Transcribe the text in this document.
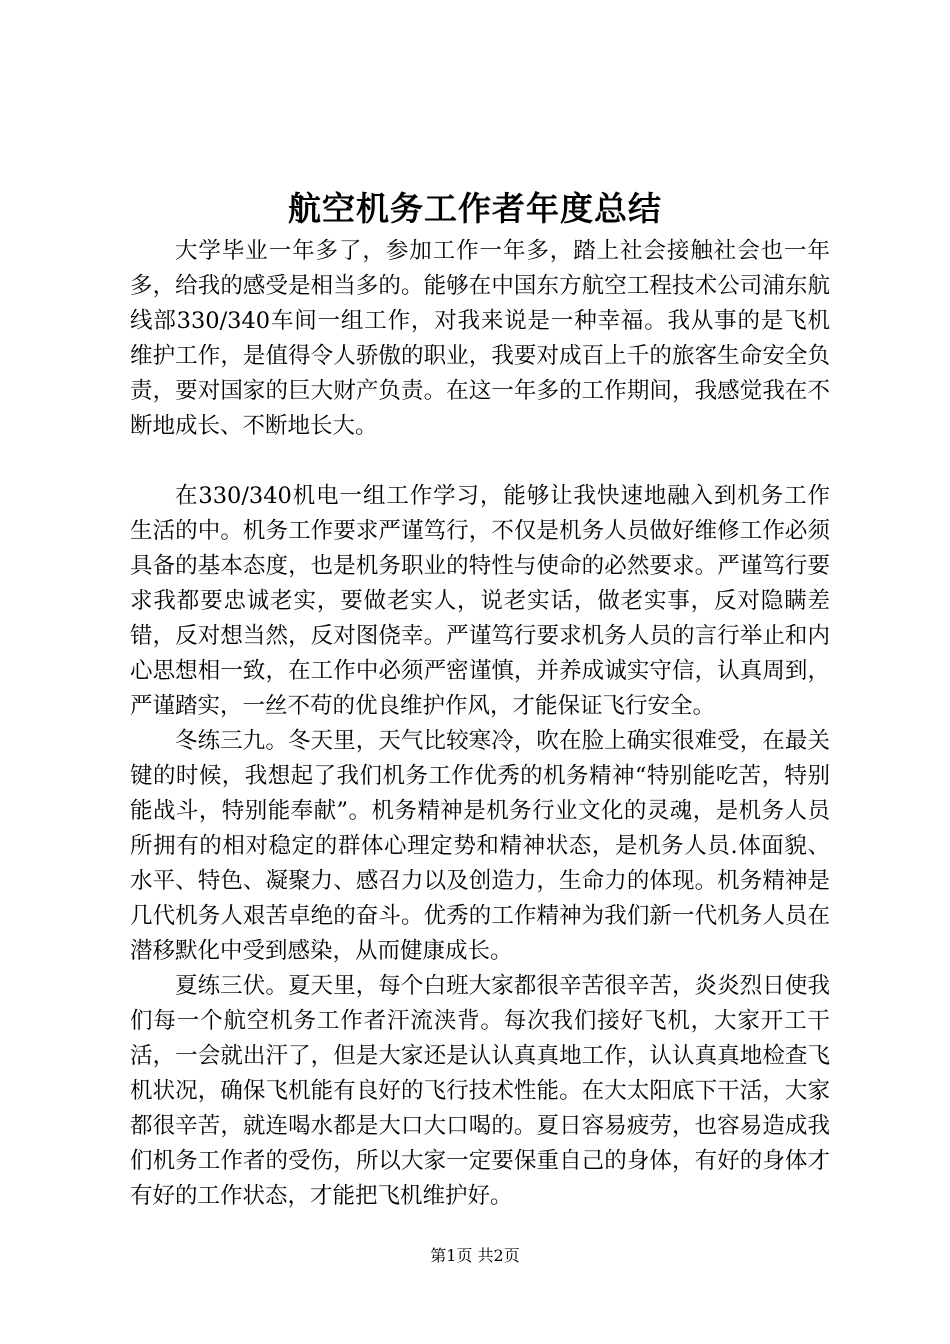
航空机务工作者年度总结

大学毕业一年多了，参加工作一年多，踏上社会接触社会也一年多，给我的感受是相当多的。能够在中国东方航空工程技术公司浦东航线部330/340车间一组工作，对我来说是一种幸福。我从事的是飞机维护工作，是值得令人骄傲的职业，我要对成百上千的旅客生命安全负责，要对国家的巨大财产负责。在这一年多的工作期间，我感觉我在不断地成长、不断地长大。

在330/340机电一组工作学习，能够让我快速地融入到机务工作生活的中。机务工作要求严谨笃行，不仅是机务人员做好维修工作必须具备的基本态度，也是机务职业的特性与使命的必然要求。严谨笃行要求我都要忠诚老实，要做老实人，说老实话，做老实事，反对隐瞒差错，反对想当然，反对图侥幸。严谨笃行要求机务人员的言行举止和内心思想相一致，在工作中必须严密谨慎，并养成诚实守信，认真周到，严谨踏实，一丝不苟的优良维护作风，才能保证飞行安全。

冬练三九。冬天里，天气比较寒冷，吹在脸上确实很难受，在最关键的时候，我想起了我们机务工作优秀的机务精神“特别能吃苦，特别能战斗，特别能奉献”。机务精神是机务行业文化的灵魂，是机务人员所拥有的相对稳定的群体心理定势和精神状态，是机务人员.体面貌、水平、特色、凝聚力、感召力以及创造力，生命力的体现。机务精神是几代机务人艰苦卓绝的奋斗。优秀的工作精神为我们新一代机务人员在潜移默化中受到感染，从而健康成长。

夏练三伏。夏天里，每个白班大家都很辛苦很辛苦，炎炎烈日使我们每一个航空机务工作者汗流浃背。每次我们接好飞机，大家开工干活，一会就出汗了，但是大家还是认认真真地工作，认认真真地检查飞机状况，确保飞机能有良好的飞行技术性能。在大太阳底下干活，大家都很辛苦，就连喝水都是大口大口喝的。夏日容易疲劳，也容易造成我们机务工作者的受伤，所以大家一定要保重自己的身体，有好的身体才有好的工作状态，才能把飞机维护好。

第1页 共2页
